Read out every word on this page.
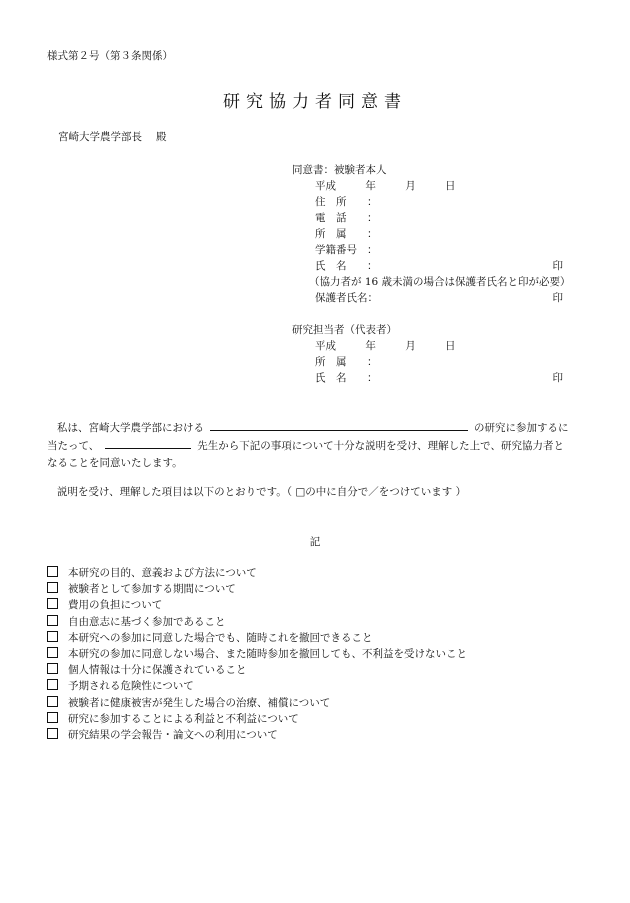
様式第２号（第３条関係）
研究協力者同意書
宮崎大学農学部長 殿
同意書：被験者本人
平成	年	月	日
住　所 ：
電　話 ：
所　属 ：
学籍番号 ：
氏　名 ：	印
（協力者が 16 歳未満の場合は保護者氏名と印が必要）
保護者氏名：	印
研究担当者（代表者）
平成	年	月	日
所　属 ：
氏　名 ：	印
私は、宮崎大学農学部における	の研究に参加するに
当たって、	先生から下記の事項について十分な説明を受け、理解した上で、研究協力者と
なることを同意いたします。
説明を受け、理解した項目は以下のとおりです。（ □の中に自分で／をつけています ）
記
本研究の目的、意義および方法について
被験者として参加する期間について
費用の負担について
自由意志に基づく参加であること
本研究への参加に同意した場合でも、随時これを撤回できること
本研究の参加に同意しない場合、また随時参加を撤回しても、不利益を受けないこと
個人情報は十分に保護されていること
予期される危険性について
被験者に健康被害が発生した場合の治療、補償について
研究に参加することによる利益と不利益について
研究結果の学会報告・論文への利用について
